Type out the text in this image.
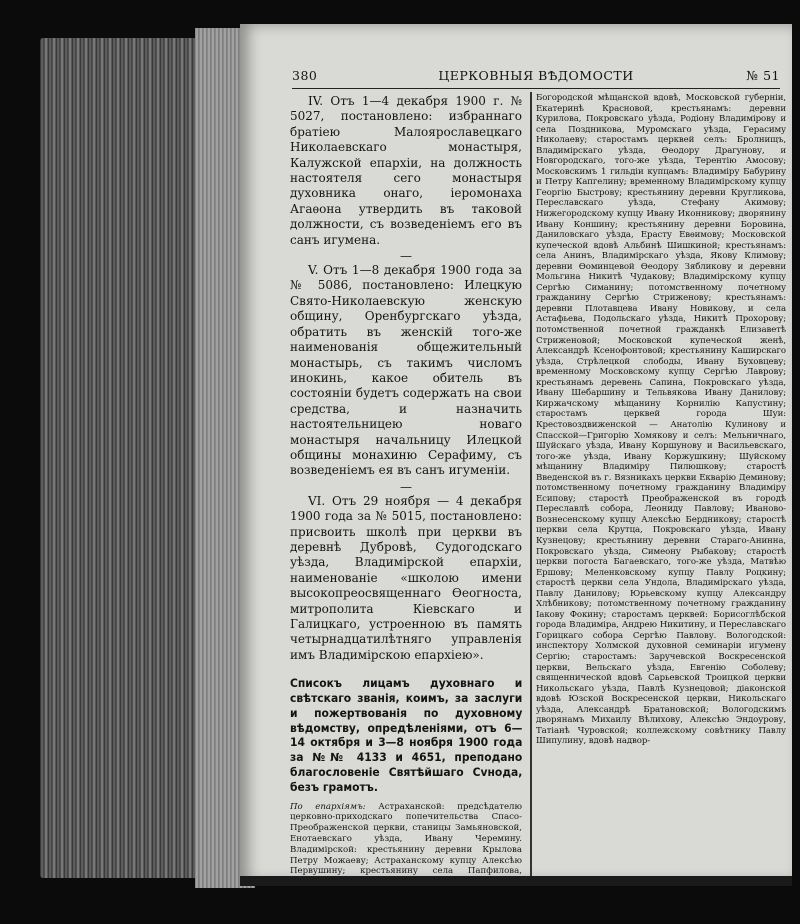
380	ЦЕРКОВНЫЯ ВѢДОМОСТИ	№ 51

IV. Отъ 1—4 декабря 1900 г. № 5027, постановлено: избраннаго братіею Малоярославецкаго Николаевскаго монастыря, Калужской епархіи, на должность настоятеля сего монастыря духовника онаго, іеромонаха Агаѳона утвердить въ таковой должности, съ возведеніемъ его въ санъ игумена.

—

V. Отъ 1—8 декабря 1900 года за № 5086, постановлено: Илецкую Свято-Николаевскую женскую общину, Оренбургскаго уѣзда, обратить въ женскій того-же наименованія общежительный монастырь, съ такимъ числомъ инокинь, какое обитель въ состояніи будетъ содержать на свои средства, и назначить настоятельницею новаго монастыря начальницу Илецкой общины монахиню Серафиму, съ возведеніемъ ея въ санъ игуменіи.

—

VI. Отъ 29 ноября — 4 декабря 1900 года за № 5015, постановлено: присвоить школѣ при церкви въ деревнѣ Дубровѣ, Судогодскаго уѣзда, Владимірской епархіи, наименованіе «школою имени высокопреосвященнаго Ѳеогноста, митрополита Кіевскаго и Галицкаго, устроенною въ память четырнадцатилѣтняго управленія имъ Владимірскою епархіею».

Списокъ лицамъ духовнаго и свѣтскаго званія, коимъ, за заслуги и пожертвованія по духовному вѣдомству, опредѣленіями, отъ 6—14 октября и 3—8 ноября 1900 года за №№ 4133 и 4651, преподано благословеніе Святѣйшаго Сvнода, безъ грамотъ.
По епархіямъ: Астраханской: предсѣдателю церковно-приходскаго попечительства Спасо-Преображенской церкви, станицы Замьяновской, Енотаевскаго уѣзда, Ивану Череминy. Владимірской: крестьянину деревни Крылова Петру Можаеву; Астраханскому купцу Алексѣю Первушину; крестьянину села Папфилова,

Богородской мѣщанской вдовѣ, Московской губерніи, Екатеринѣ Красновой, крестьянамъ: деревни Курилова, Покровскаго уѣзда, Родіону Владимірову и села Поздникова, Муромскаго уѣзда, Герасиму Николаеву; старостамъ церквей селъ: Бролнищъ, Владимірскаго уѣзда, Ѳеодору Драгунову, и Новгородскаго, того-же уѣзда, Терентію Амосову; Московскимъ 1 гильдіи купцамъ: Владиміру Бабурину и Петру Капгелину; временному Владимірскому купцу Георгію Быстрову; крестьянину деревни Кругликова, Переславскаго уѣзда, Стефану Акимову; Нижегородскому купцу Ивану Иконникову; дворянину Ивану Коншину; крестьянину деревни Боровина, Даниловскаго уѣзда, Ерасту Евѳимову; Московской купеческой вдовѣ Альбинѣ Шишкиной; крестьянамъ: села Анинъ, Владимірскаго уѣзда, Якову Климову; деревни Ѳоминцевой Ѳеодору Зябликову и деревни Мольгина Никитѣ Чудакову; Владимірскому купцу Сергѣю Симанину; потомственному почетному гражданину Сергѣю Стриженову; крестьянамъ: деревни Плотавцева Ивану Новикову, и села Астафьева, Подольскаго уѣзда, Никитѣ Прохорову; потомственной почетной гражданкѣ Елизаветѣ Стриженовой; Московской купеческой женѣ, Александрѣ Ксенофонтовой; крестьянину Каширскаго уѣзда, Стрѣлецкой слободы, Ивану Буховцеву; временному Московскому купцу Сергѣю Лаврову; крестьянамъ деревень Сапина, Покровскаго уѣзда, Ивану Шебаршину и Тельвякова Ивану Данилову; Киржачскому мѣщанину Корнилію Капустину; старостамъ церквей города Шуи: Крестовоздвиженской — Анатолію Кулиновy и Спасской—Григорію Хомякову и селъ: Мельничнаго, Шуйскаго уѣзда, Ивану Коршунову и Васильевскаго, того-же уѣзда, Ивану Коржушкину; Шуйскому мѣщанину Владиміру Пилюшкову; старостѣ Введенской въ г. Вязникахъ церкви Екварію Деминову; потомственному почетному гражданину Владиміру Есипову; старостѣ Преображенской въ городѣ Переславлѣ собора, Леониду Павлову; Иваново-Вознесенскому купцу Алексѣю Бердникову; старостѣ церкви села Крутца, Покровскаго уѣзда, Ивану Кузнецову; крестьянину деревни Стараго-Анинна, Покровскаго уѣзда, Симеону Рыбакову; старостѣ церкви погоста Багаевскаго, того-же уѣзда, Матвѣю Ершову; Меленковскому купцу Павлу Роцкину; старостѣ церкви села Ундола, Владимірскаго уѣзда, Павлу Данилову; Юрьевскому купцу Александру Хлѣбникову; потомственному почетному гражданину Іакову Фокину; старостамъ церквей: Борисоглѣбской города Владиміра, Андрею Никитину, и Переславскаго Горицкаго собора Сергѣю Павлову. Вологодской: инспектору Холмской духовной семинаріи игумену Сергію; старостамъ: Заручевской Воскресенской церкви, Вельскаго уѣзда, Евгенію Соболеву; священнической вдовѣ Сарьевской Троицкой церкви Никольскаго уѣзда, Павлѣ Кузнецовой; діаконской вдовѣ Юзской Воскресенской церкви, Никольскаго уѣзда, Александрѣ Братановской; Вологодскимъ дворянамъ Михаилу Вѣлихову, Алексѣю Эндоурову, Татіанѣ Чуровской; коллежскому совѣтнику Павлу Шипулину, вдовѣ надвор-
